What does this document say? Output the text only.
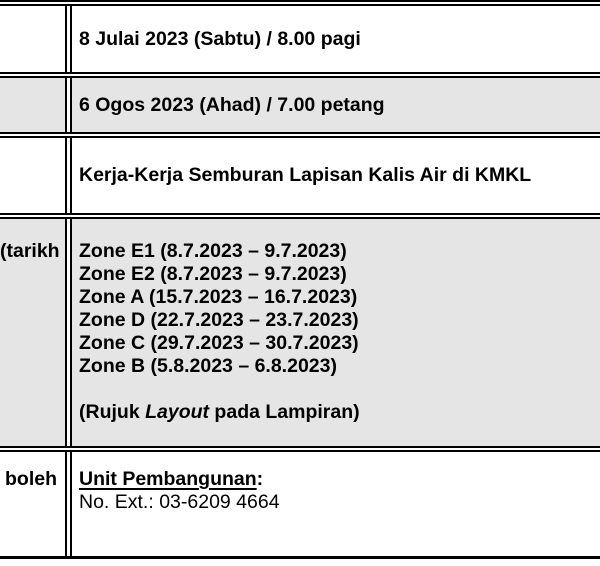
(tarikh
boleh
8 Julai 2023 (Sabtu) / 8.00 pagi
6 Ogos 2023 (Ahad) / 7.00 petang
Kerja-Kerja Semburan Lapisan Kalis Air di KMKL
Zone E1 (8.7.2023 – 9.7.2023)
Zone E2 (8.7.2023 – 9.7.2023)
Zone A (15.7.2023 – 16.7.2023)
Zone D (22.7.2023 – 23.7.2023)
Zone C (29.7.2023 – 30.7.2023)
Zone B (5.8.2023 – 6.8.2023)
(Rujuk Layout pada Lampiran)
Unit Pembangunan:
No. Ext.: 03-6209 4664
